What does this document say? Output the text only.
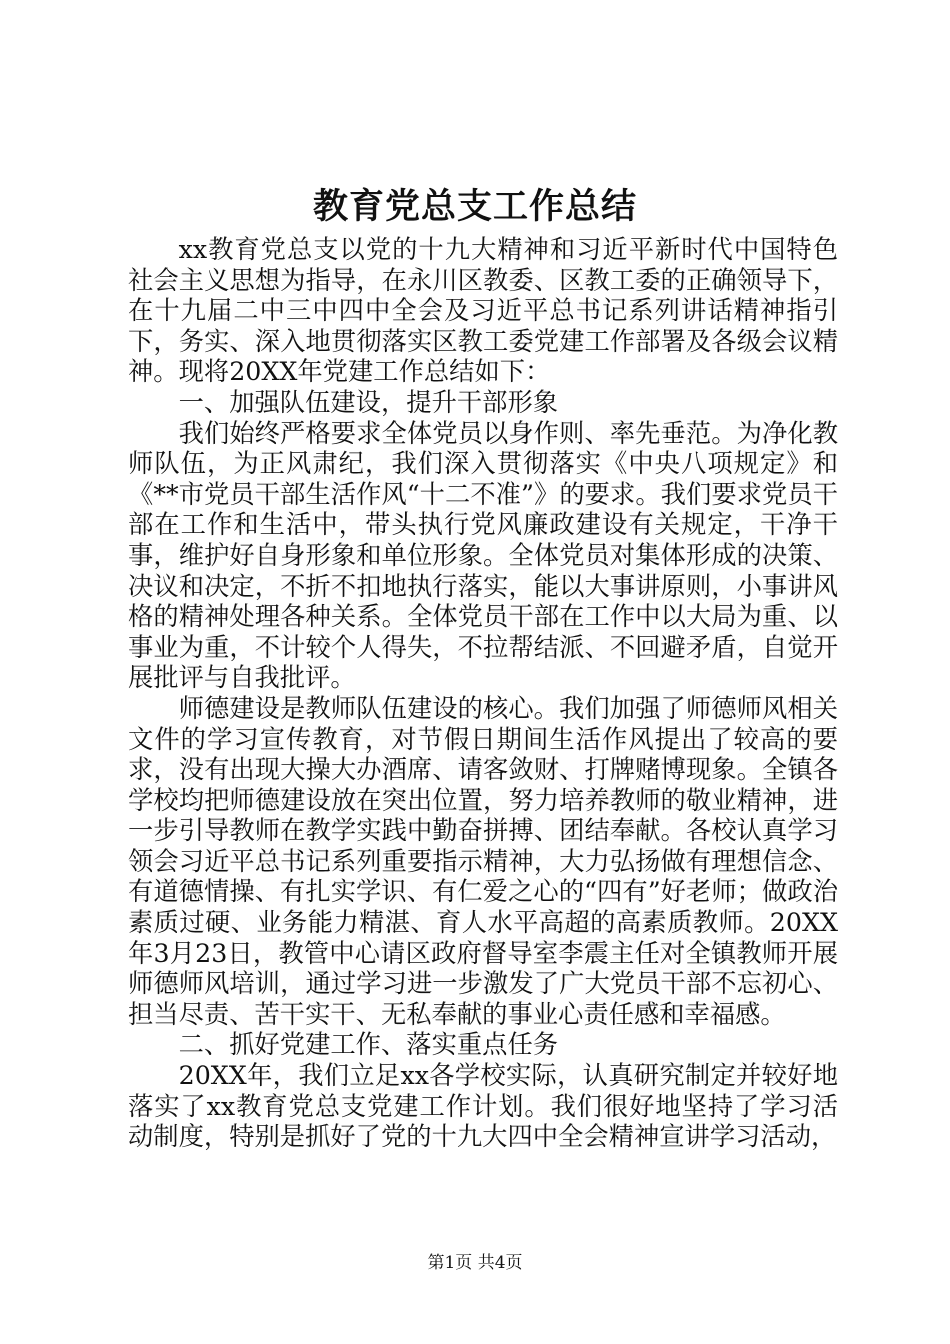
教育党总支工作总结

xx教育党总支以党的十九大精神和习近平新时代中国特色社会主义思想为指导，在永川区教委、区教工委的正确领导下，在十九届二中三中四中全会及习近平总书记系列讲话精神指引下，务实、深入地贯彻落实区教工委党建工作部署及各级会议精神。现将20XX年党建工作总结如下：

一、加强队伍建设，提升干部形象

我们始终严格要求全体党员以身作则、率先垂范。为净化教师队伍，为正风肃纪，我们深入贯彻落实《中央八项规定》和《**市党员干部生活作风“十二不准”》的要求。我们要求党员干部在工作和生活中，带头执行党风廉政建设有关规定，干净干事，维护好自身形象和单位形象。全体党员对集体形成的决策、决议和决定，不折不扣地执行落实，能以大事讲原则，小事讲风格的精神处理各种关系。全体党员干部在工作中以大局为重、以事业为重，不计较个人得失，不拉帮结派、不回避矛盾，自觉开展批评与自我批评。

师德建设是教师队伍建设的核心。我们加强了师德师风相关文件的学习宣传教育，对节假日期间生活作风提出了较高的要求，没有出现大操大办酒席、请客敛财、打牌赌博现象。全镇各学校均把师德建设放在突出位置，努力培养教师的敬业精神，进一步引导教师在教学实践中勤奋拼搏、团结奉献。各校认真学习领会习近平总书记系列重要指示精神，大力弘扬做有理想信念、有道德情操、有扎实学识、有仁爱之心的“四有”好老师；做政治素质过硬、业务能力精湛、育人水平高超的高素质教师。20XX年3月23日，教管中心请区政府督导室李震主任对全镇教师开展师德师风培训，通过学习进一步激发了广大党员干部不忘初心、担当尽责、苦干实干、无私奉献的事业心责任感和幸福感。

二、抓好党建工作、落实重点任务

20XX年，我们立足xx各学校实际，认真研究制定并较好地落实了xx教育党总支党建工作计划。我们很好地坚持了学习活动制度，特别是抓好了党的十九大四中全会精神宣讲学习活动，

第1页 共4页
